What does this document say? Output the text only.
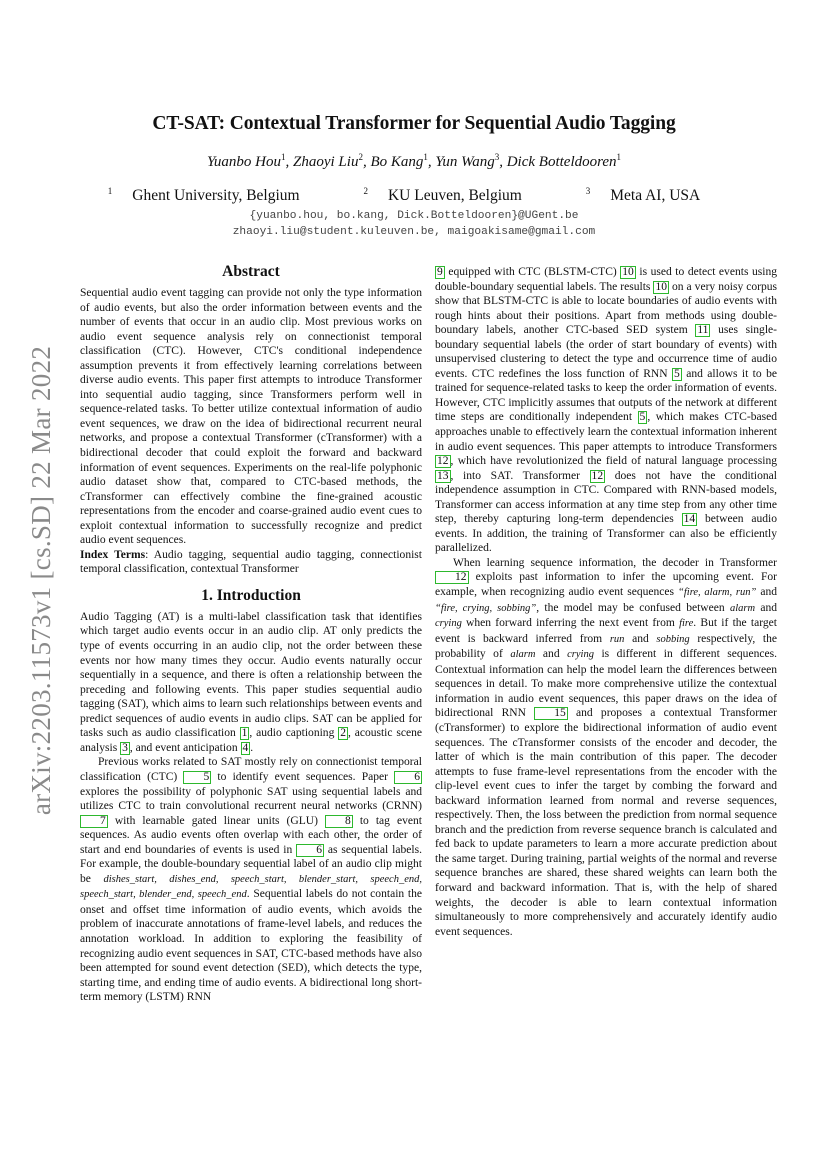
arXiv:2203.11573v1 [cs.SD] 22 Mar 2022
CT-SAT: Contextual Transformer for Sequential Audio Tagging
Yuanbo Hou$^1$, Zhaoyi Liu$^2$, Bo Kang$^1$, Yun Wang$^3$, Dick Botteldooren$^1$
$^1$ Ghent University, Belgium	$^2$ KU Leuven, Belgium	$^3$ Meta AI, USA
{yuanbo.hou, bo.kang, Dick.Botteldooren}@UGent.be
zhaoyi.liu@student.kuleuven.be, maigoakisame@gmail.com
Abstract

Sequential audio event tagging can provide not only the type information of audio events, but also the order information between events and the number of events that occur in an audio clip. Most previous works on audio event sequence analysis rely on connectionist temporal classification (CTC). However, CTC's conditional independence assumption prevents it from effectively learning correlations between diverse audio events. This paper first attempts to introduce Transformer into sequential audio tagging, since Transformers perform well in sequence-related tasks. To better utilize contextual information of audio event sequences, we draw on the idea of bidirectional recurrent neural networks, and propose a contextual Transformer (cTransformer) with a bidirectional decoder that could exploit the forward and backward information of event sequences. Experiments on the real-life polyphonic audio dataset show that, compared to CTC-based methods, the cTransformer can effectively combine the fine-grained acoustic representations from the encoder and coarse-grained audio event cues to exploit contextual information to successfully recognize and predict audio event sequences.

Index Terms: Audio tagging, sequential audio tagging, connectionist temporal classification, contextual Transformer

1. Introduction

Audio Tagging (AT) is a multi-label classification task that identifies which target audio events occur in an audio clip. AT only predicts the type of events occurring in an audio clip, not the order between these events nor how many times they occur. Audio events naturally occur sequentially in a sequence, and there is often a relationship between the preceding and following events. This paper studies sequential audio tagging (SAT), which aims to learn such relationships between events and predict sequences of audio events in audio clips. SAT can be applied for tasks such as audio classification 1 , audio captioning 2 , acoustic scene analysis 3 , and event anticipation 4 .

Previous works related to SAT mostly rely on connectionist temporal classification (CTC) 5 to identify event sequences. Paper 6 explores the possibility of polyphonic SAT using sequential labels and utilizes CTC to train convolutional recurrent neural networks (CRNN) 7 with learnable gated linear units (GLU) 8 to tag event sequences. As audio events often overlap with each other, the order of start and end boundaries of events is used in 6 as sequential labels. For example, the double-boundary sequential label of an audio clip might be dishes_start, dishes_end, speech_start, blender_start, speech_end, speech_start, blender_end, speech_end. Sequential labels do not contain the onset and offset time information of audio events, which avoids the problem of inaccurate annotations of frame-level labels, and reduces the annotation workload. In addition to exploring the feasibility of recognizing audio event sequences in SAT, CTC-based methods have also been attempted for sound event detection (SED), which detects the type, starting time, and ending time of audio events. A bidirectional long short-term memory (LSTM) RNN

9 equipped with CTC (BLSTM-CTC) 10 is used to detect events using double-boundary sequential labels. The results 10 on a very noisy corpus show that BLSTM-CTC is able to locate boundaries of audio events with rough hints about their positions. Apart from methods using double-boundary labels, another CTC-based SED system 11 uses single-boundary sequential labels (the order of start boundary of events) with unsupervised clustering to detect the type and occurrence time of audio events. CTC redefines the loss function of RNN 5 and allows it to be trained for sequence-related tasks to keep the order information of events. However, CTC implicitly assumes that outputs of the network at different time steps are conditionally independent 5 , which makes CTC-based approaches unable to effectively learn the contextual information inherent in audio event sequences. This paper attempts to introduce Transformers 12 , which have revolutionized the field of natural language processing 13 , into SAT. Transformer 12 does not have the conditional independence assumption in CTC. Compared with RNN-based models, Transformer can access information at any time step from any other time step, thereby capturing long-term dependencies 14 between audio events. In addition, the training of Transformer can also be efficiently parallelized.

When learning sequence information, the decoder in Transformer 12 exploits past information to infer the upcoming event. For example, when recognizing audio event sequences “fire, alarm, run” and “fire, crying, sobbing”, the model may be confused between alarm and crying when forward inferring the next event from fire. But if the target event is backward inferred from run and sobbing respectively, the probability of alarm and crying is different in different sequences. Contextual information can help the model learn the differences between sequences in detail. To make more comprehensive utilize the contextual information in audio event sequences, this paper draws on the idea of bidirectional RNN 15 and proposes a contextual Transformer (cTransformer) to explore the bidirectional information of audio event sequences. The cTransformer consists of the encoder and decoder, the latter of which is the main contribution of this paper. The decoder attempts to fuse frame-level representations from the encoder with the clip-level event cues to infer the target by combing the forward and backward information learned from normal and reverse sequences, respectively. Then, the loss between the prediction from normal sequence branch and the prediction from reverse sequence branch is calculated and fed back to update parameters to learn a more accurate prediction about the same target. During training, partial weights of the normal and reverse sequence branches are shared, these shared weights can learn both the forward and backward information. That is, with the help of shared weights, the decoder is able to learn contextual information simultaneously to more comprehensively and accurately identify audio event sequences.
